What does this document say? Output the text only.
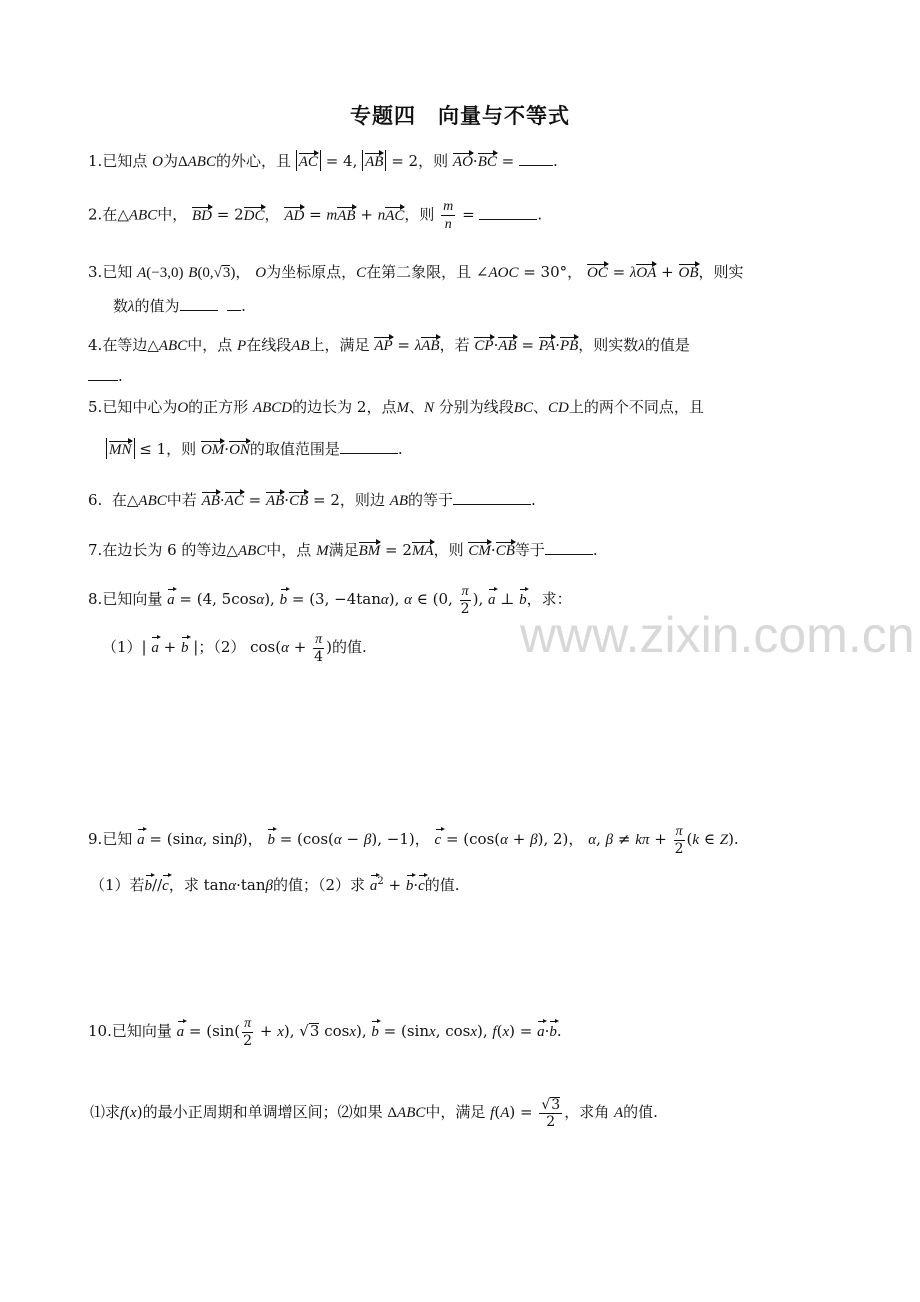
专题四　向量与不等式
1.已知点 O为ΔABC的外心，且 AC = 4, AB = 2，则 AO·BC = .
2.在△ABC中， BD = 2DC， AD = mAB + nAC，则 $\frac{m}{n}$ =	.
3.已知 A(−3,0) B(0,√3)， O为坐标原点，C在第二象限，且 ∠AOC = 30°， OC = λOA + OB，则实
数λ的值为	.
4.在等边△ABC中，点 P在线段AB上，满足 AP = λAB，若 CP·AB = PA·PB，则实数λ的值是
.
5.已知中心为O的正方形 ABCD的边长为 2，点M、N 分别为线段BC、CD上的两个不同点，且
MN ≤ 1，则 OM·ON的取值范围是	.
6. 在△ABC中若 AB·AC = AB·CB = 2，则边 AB的等于	.
7.在边长为 6 的等边△ABC中，点 M满足BM = 2MA，则 CM·CB等于	.
8.已知向量 a = (4, 5cosα), b = (3, −4tanα), α ∈ (0, $\frac{\pi}{2}$ ), a ⊥ b，求：
（1）| a + b |；（2） $\cos(\alpha + \frac{\pi}{4}$ )的值.
9.已知 a = (sinα, sinβ)， b = (cos(α − β), −1)， c = (cos(α + β), 2)， α, $\beta \ne k\pi + \frac{\pi}{2} (k$ ∈ Z).
（1）若b//c，求 tanα·tanβ的值；（2）求 $a^2 + b\cdot c$的值.
10.已知向量 $a = (\sin( \frac{\pi}{2} + x)$, √3 cosx), b = (sinx, cosx), f(x) = a·b.
⑴求f(x)的最小正周期和单调增区间；⑵如果 ΔABC中，满足 $f(A) = \frac{√3}{2}$ ，求角 A的值.
www.zixin.com.cn
